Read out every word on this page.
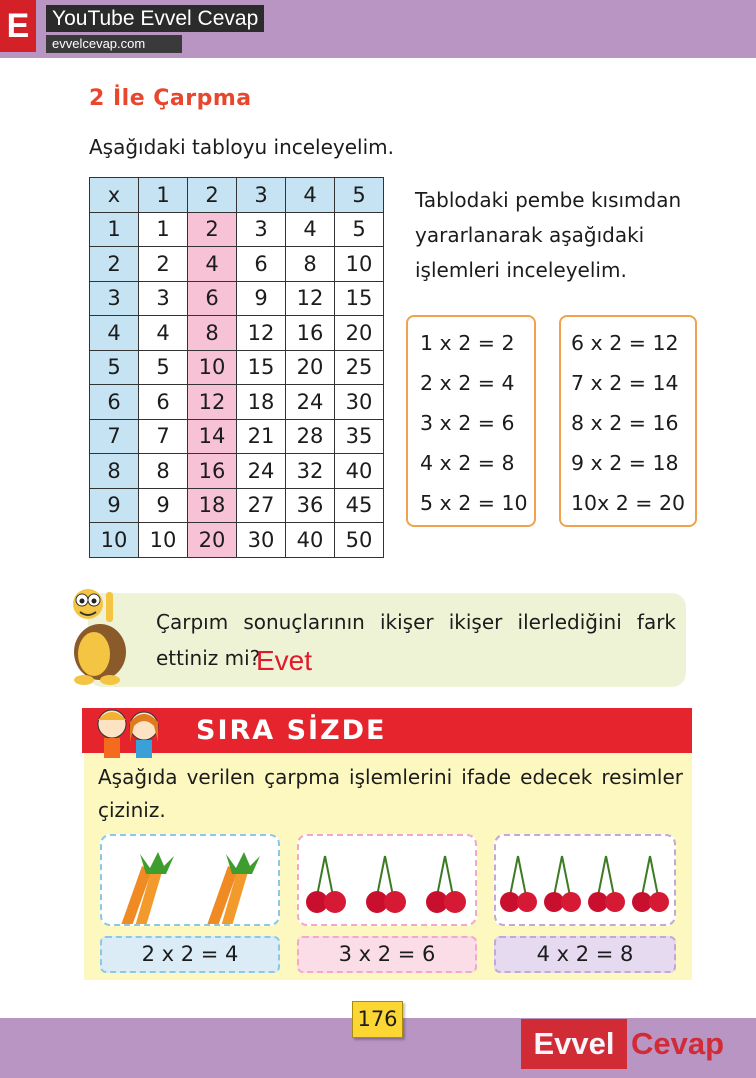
E	YouTube Evvel Cevap
evvelcevap.com
2 İle Çarpma
Aşağıdaki tabloyu inceleyelim.
x	1	2	3	4	5
1	1	2	3	4	5
2	2	4	6	8	10
3	3	6	9	12	15
4	4	8	12	16	20
5	5	10	15	20	25
6	6	12	18	24	30
7	7	14	21	28	35
8	8	16	24	32	40
9	9	18	27	36	45
10	10	20	30	40	50
Tablodaki pembe kısımdan
yararlanarak aşağıdaki
işlemleri inceleyelim.
1 x 2 = 2
2 x 2 = 4
3 x 2 = 6
4 x 2 = 8
5 x 2 = 10
6 x 2 = 12
7 x 2 = 14
8 x 2 = 16
9 x 2 = 18
10x 2 = 20
Çarpım sonuçlarının ikişer ikişer ilerlediğini fark ettiniz mi?
Evet
SIRA SİZDE
Aşağıda verilen çarpma işlemlerini ifade edecek resimler çiziniz.
2 x 2 = 4	3 x 2 = 6	4 x 2 = 8
176
Evvel Cevap
